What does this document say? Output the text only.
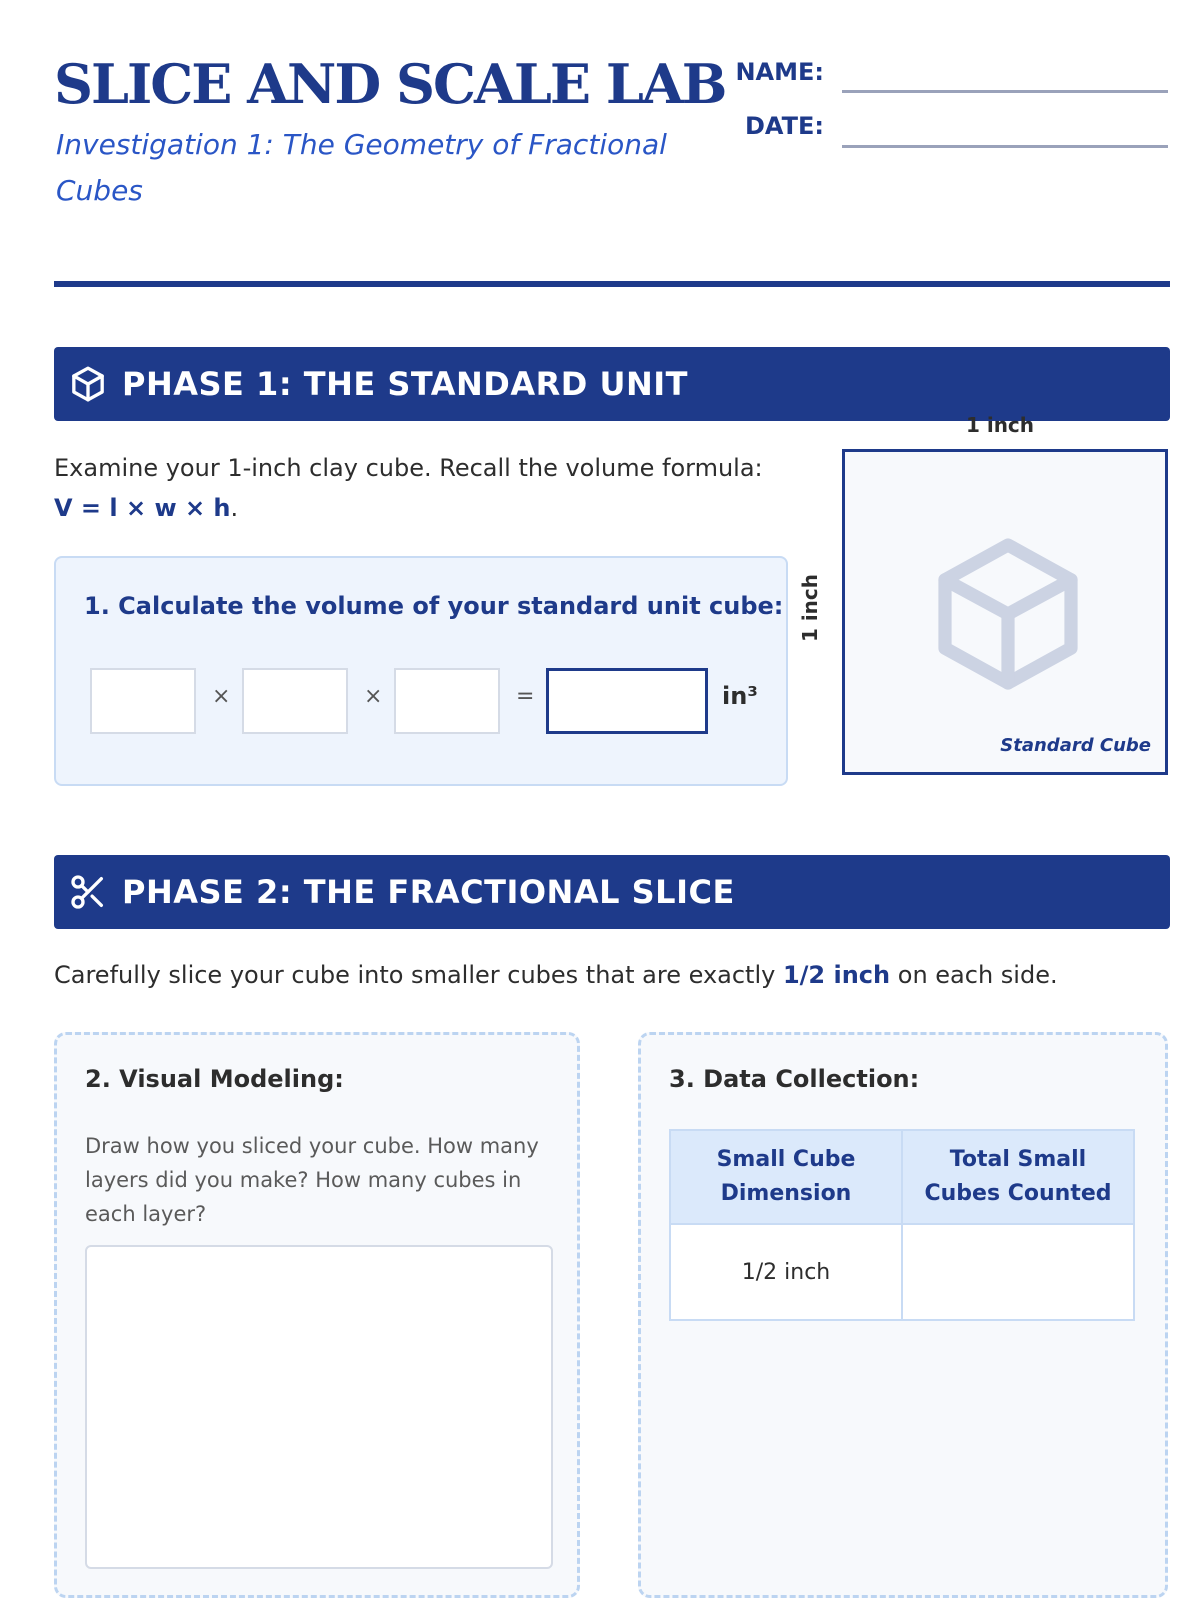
SLICE AND SCALE LAB
Investigation 1: The Geometry of Fractional Cubes
NAME:
DATE:
PHASE 1: THE STANDARD UNIT
Examine your 1-inch clay cube. Recall the volume formula:
V = l × w × h.
1. Calculate the volume of your standard unit cube:
×	×	=	in³
1 inch
1 inch
Standard Cube
PHASE 2: THE FRACTIONAL SLICE
Carefully slice your cube into smaller cubes that are exactly 1/2 inch on each side.
2. Visual Modeling:
Draw how you sliced your cube. How many layers did you make? How many cubes in each layer?
3. Data Collection:
Small Cube Dimension	Total Small Cubes Counted
1/2 inch	
